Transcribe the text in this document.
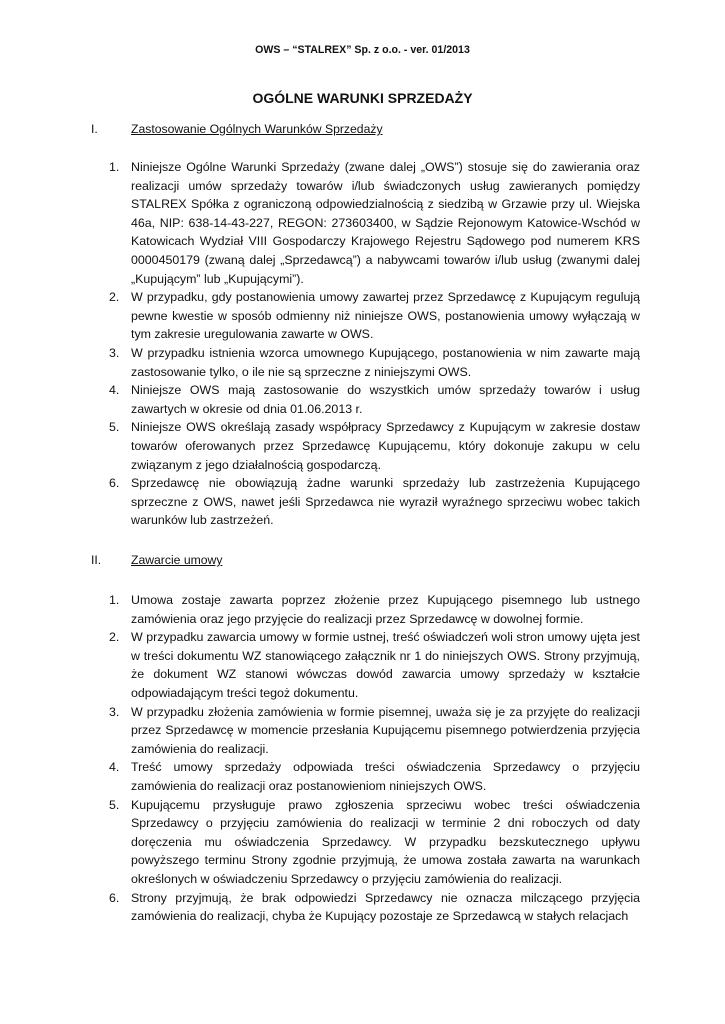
OWS – “STALREX” Sp. z o.o. - ver. 01/2013
OGÓLNE WARUNKI SPRZEDAŻY
I.	Zastosowanie Ogólnych Warunków Sprzedaży
1. Niniejsze Ogólne Warunki Sprzedaży (zwane dalej „OWS”) stosuje się do zawierania oraz realizacji umów sprzedaży towarów i/lub świadczonych usług zawieranych pomiędzy STALREX Spółka z ograniczoną odpowiedzialnością z siedzibą w Grzawie przy ul. Wiejska 46a, NIP: 638-14-43-227, REGON: 273603400, w Sądzie Rejonowym Katowice-Wschód w Katowicach Wydział VIII Gospodarczy Krajowego Rejestru Sądowego pod numerem KRS 0000450179 (zwaną dalej „Sprzedawcą”) a nabywcami towarów i/lub usług (zwanymi dalej „Kupującym” lub „Kupującymi”).
2. W przypadku, gdy postanowienia umowy zawartej przez Sprzedawcę z Kupującym regulują pewne kwestie w sposób odmienny niż niniejsze OWS, postanowienia umowy wyłączają w tym zakresie uregulowania zawarte w OWS.
3. W przypadku istnienia wzorca umownego Kupującego, postanowienia w nim zawarte mają zastosowanie tylko, o ile nie są sprzeczne z niniejszymi OWS.
4. Niniejsze OWS mają zastosowanie do wszystkich umów sprzedaży towarów i usług zawartych w okresie od dnia 01.06.2013 r.
5. Niniejsze OWS określają zasady współpracy Sprzedawcy z Kupującym w zakresie dostaw towarów oferowanych przez Sprzedawcę Kupującemu, który dokonuje zakupu w celu związanym z jego działalnością gospodarczą.
6. Sprzedawcę nie obowiązują żadne warunki sprzedaży lub zastrzeżenia Kupującego sprzeczne z OWS, nawet jeśli Sprzedawca nie wyraził wyraźnego sprzeciwu wobec takich warunków lub zastrzeżeń.
II. Zawarcie umowy
1. Umowa zostaje zawarta poprzez złożenie przez Kupującego pisemnego lub ustnego zamówienia oraz jego przyjęcie do realizacji przez Sprzedawcę w dowolnej formie.
2. W przypadku zawarcia umowy w formie ustnej, treść oświadczeń woli stron umowy ujęta jest w treści dokumentu WZ stanowiącego załącznik nr 1 do niniejszych OWS. Strony przyjmują, że dokument WZ stanowi wówczas dowód zawarcia umowy sprzedaży w kształcie odpowiadającym treści tegoż dokumentu.
3. W przypadku złożenia zamówienia w formie pisemnej, uważa się je za przyjęte do realizacji przez Sprzedawcę w momencie przesłania Kupującemu pisemnego potwierdzenia przyjęcia zamówienia do realizacji.
4. Treść umowy sprzedaży odpowiada treści oświadczenia Sprzedawcy o przyjęciu zamówienia do realizacji oraz postanowieniom niniejszych OWS.
5. Kupującemu przysługuje prawo zgłoszenia sprzeciwu wobec treści oświadczenia Sprzedawcy o przyjęciu zamówienia do realizacji w terminie 2 dni roboczych od daty doręczenia mu oświadczenia Sprzedawcy. W przypadku bezskutecznego upływu powyższego terminu Strony zgodnie przyjmują, że umowa została zawarta na warunkach określonych w oświadczeniu Sprzedawcy o przyjęciu zamówienia do realizacji.
6. Strony przyjmują, że brak odpowiedzi Sprzedawcy nie oznacza milczącego przyjęcia zamówienia do realizacji, chyba że Kupujący pozostaje ze Sprzedawcą w stałych relacjach
